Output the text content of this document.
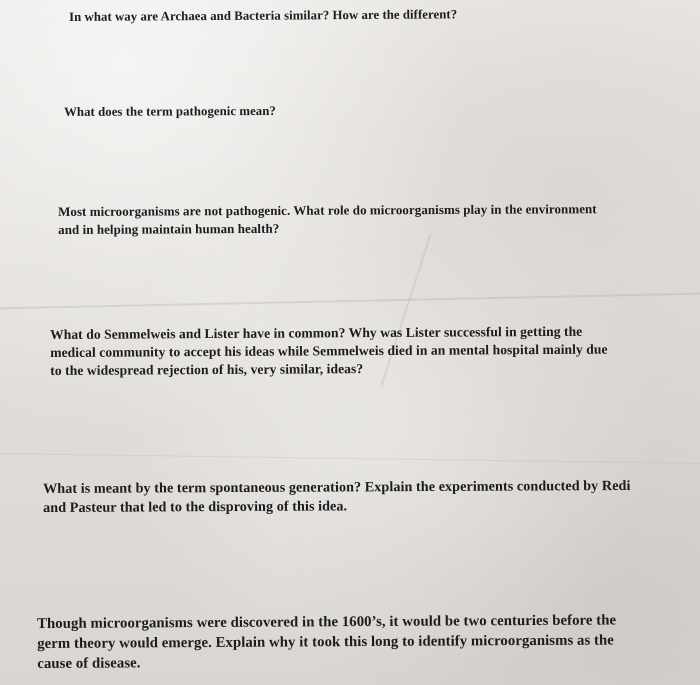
In what way are Archaea and Bacteria similar? How are the different?

What does the term pathogenic mean?

Most microorganisms are not pathogenic. What role do microorganisms play in the environment
and in helping maintain human health?

What do Semmelweis and Lister have in common? Why was Lister successful in getting the
medical community to accept his ideas while Semmelweis died in an mental hospital mainly due
to the widespread rejection of his, very similar, ideas?

What is meant by the term spontaneous generation? Explain the experiments conducted by Redi
and Pasteur that led to the disproving of this idea.

Though microorganisms were discovered in the 1600’s, it would be two centuries before the
germ theory would emerge. Explain why it took this long to identify microorganisms as the
cause of disease.
